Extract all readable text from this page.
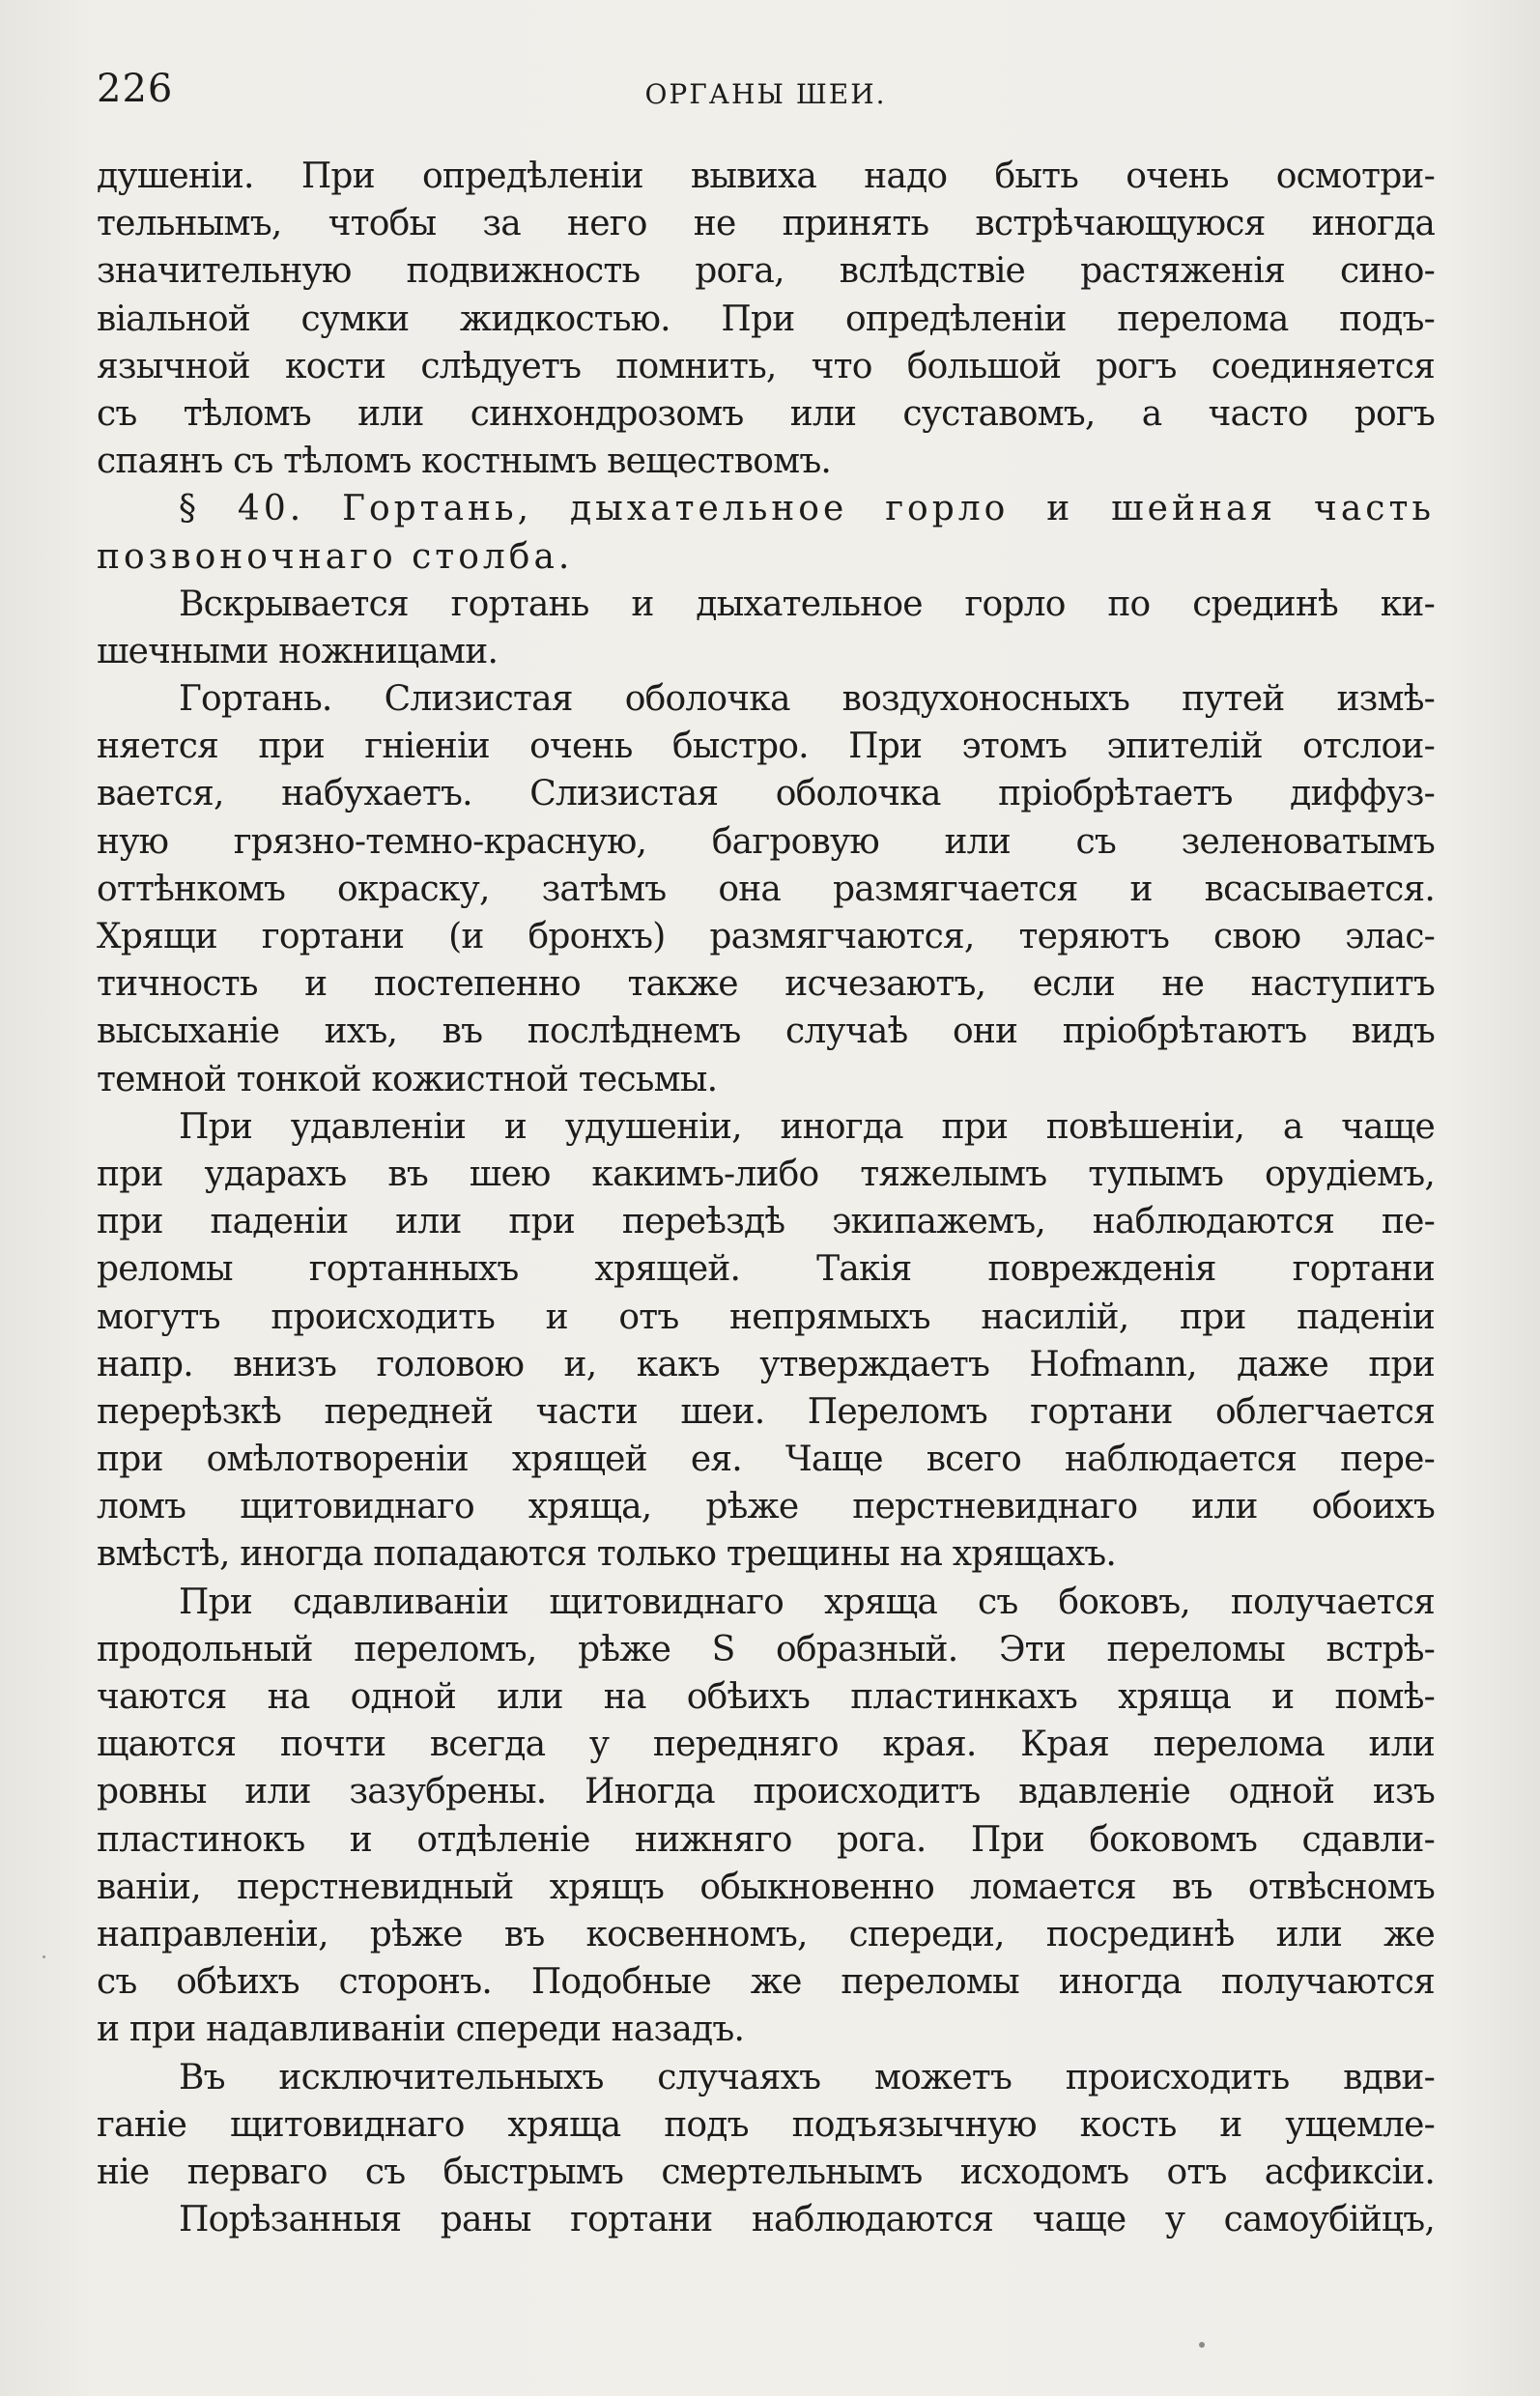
226	ОРГАНЫ ШЕИ.
душеніи. При опредѣленіи вывиха надо быть очень осмотри-
тельнымъ, чтобы за него не принять встрѣчающуюся иногда
значительную подвижность рога, вслѣдствіе растяженія сино-
віальной сумки жидкостью. При опредѣленіи перелома подъ-
язычной кости слѣдуетъ помнить, что большой рогъ соединяется
съ тѣломъ или синхондрозомъ или суставомъ, а часто рогъ
спаянъ съ тѣломъ костнымъ веществомъ.
§ 40. Гортань, дыхательное горло и шейная часть
позвоночнаго столба.
Вскрывается гортань и дыхательное горло по срединѣ ки-
шечными ножницами.
Гортань. Слизистая оболочка воздухоносныхъ путей измѣ-
няется при гніеніи очень быстро. При этомъ эпителій отслои-
вается, набухаетъ. Слизистая оболочка пріобрѣтаетъ диффуз-
ную грязно-темно-красную, багровую или съ зеленоватымъ
оттѣнкомъ окраску, затѣмъ она размягчается и всасывается.
Хрящи гортани (и бронхъ) размягчаются, теряютъ свою элас-
тичность и постепенно также исчезаютъ, если не наступитъ
высыханіе ихъ, въ послѣднемъ случаѣ они пріобрѣтаютъ видъ
темной тонкой кожистной тесьмы.
При удавленіи и удушеніи, иногда при повѣшеніи, а чаще
при ударахъ въ шею какимъ-либо тяжелымъ тупымъ орудіемъ,
при паденіи или при переѣздѣ экипажемъ, наблюдаются пе-
реломы гортанныхъ хрящей. Такія поврежденія гортани
могутъ происходить и отъ непрямыхъ насилій, при паденіи
напр. внизъ головою и, какъ утверждаетъ Hofmann, даже при
перерѣзкѣ передней части шеи. Переломъ гортани облегчается
при омѣлотвореніи хрящей ея. Чаще всего наблюдается пере-
ломъ щитовиднаго хряща, рѣже перстневиднаго или обоихъ
вмѣстѣ, иногда попадаются только трещины на хрящахъ.
При сдавливаніи щитовиднаго хряща съ боковъ, получается
продольный переломъ, рѣже S образный. Эти переломы встрѣ-
чаются на одной или на обѣихъ пластинкахъ хряща и помѣ-
щаются почти всегда у передняго края. Края перелома или
ровны или зазубрены. Иногда происходитъ вдавленіе одной изъ
пластинокъ и отдѣленіе нижняго рога. При боковомъ сдавли-
ваніи, перстневидный хрящъ обыкновенно ломается въ отвѣсномъ
направленіи, рѣже въ косвенномъ, спереди, посрединѣ или же
съ обѣихъ сторонъ. Подобные же переломы иногда получаются
и при надавливаніи спереди назадъ.
Въ исключительныхъ случаяхъ можетъ происходить вдви-
ганіе щитовиднаго хряща подъ подъязычную кость и ущемле-
ніе перваго съ быстрымъ смертельнымъ исходомъ отъ асфиксіи.
Порѣзанныя раны гортани наблюдаются чаще у самоубійцъ,
